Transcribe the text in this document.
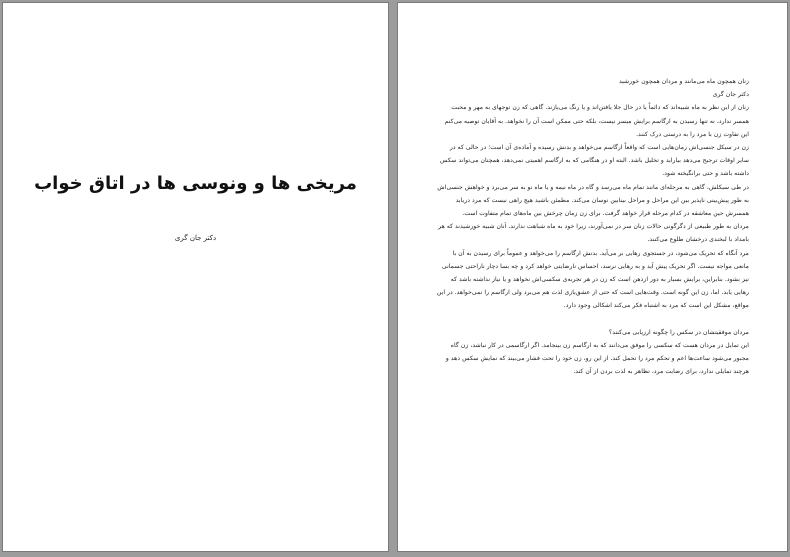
مریخی ها و ونوسی ها در اتاق خواب
دکتر جان گری

زنان همچون ماه می‌مانند و مردان همچون خورشید

دکتر جان گری

زنان از این نظر به ماه شبیه‌اند که دائماً یا در حال جلا یافتن‌اند و یا رنگ می‌بازند. گاهی که زن توجهای به مهر و محبت همسر ندارد، نه تنها رسیدن به ارگاسم برایش میسر نیست، بلکه حتی ممکن است آن را نخواهد. به آقایان توصیه می‌کنم این تفاوت زن با مرد را به درستی درک کنند.

زن در سیکل جنسی‌اش زمان‌هایی است که واقعاً ارگاسم می‌خواهد و بدنش رسیده و آماده‌ی آن است؛ در حالی که در سایر اوقات ترجیح می‌دهد بیاراید و تخلیل باشد. البته او در هنگامی که به ارگاسم اهمیتی نمی‌دهد، همچنان می‌تواند سکس داشته باشد و حتی برانگیخته شود.

در طی سیکلش، گاهی به مرحله‌ای مانند تمام ماه می‌رسد و گاه در ماه نیمه و یا ماه نو به سر می‌برد و خواهش جنسی‌اش به طور پیش‌بینی ناپذیر بین این مراحل و مراحل بینابین نوسان می‌کند. مطمئن باشید هیچ راهی نیست که مرد دریابد همسرش حین معاشقه در کدام مرحله قرار خواهد گرفت. برای زن زمان چرخش بین ماه‌های تمام متفاوت است.

مردان به طور طبیعی از دگرگونی حالات زنان سر در نمی‌آورند، زیرا خود به ماه شباهت ندارند. آنان شبیه خورشیدند که هر بامداد با لبخندی درخشان طلوع می‌کنند.

مرد آنگاه که تحریک می‌شود، در جستجوی رهایی بر می‌آید. بدنش ارگاسم را می‌خواهد و عموماً برای رسیدن به آن با مانعی مواجه نیست. اگر تحریک پیش آید و به رهایی نرسد، احساس نارضایتی خواهد کرد و چه بسا دچار ناراحتی جسمانی نیز بشود. بنابراین، برایش بسیار به دور ازذهن است که زن در هر تجربه‌ی سکسی‌اش نخواهد و یا نیاز نداشته باشد که رهایی یابد. اما، زن این گونه است. وقت‌هایی است که حتی از عشق‌بازی لذت هم می‌برد ولی ارگاسم را نمی‌خواهد. در این مواقع، مشکل این است که مرد به اشتباه فکر می‌کند اشکالی وجود دارد.

مردان موفقیتشان در سکس را چگونه ارزیابی می‌کنند؟

این تمایل در مردان هست که سکسی را موفق می‌دانند که به ارگاسم زن بینجامد. اگر ارگاسمی در کار نباشد، زن گاه مجبور می‌شود ساعت‌ها اعم و تحکم مرد را تحمل کند. از این رو، زن خود را تحت فشار می‌بیند که نمایش سکس دهد و هرچند تمایلی ندارد، برای رضایت مرد، تظاهر به لذت بردن از آن کند.
